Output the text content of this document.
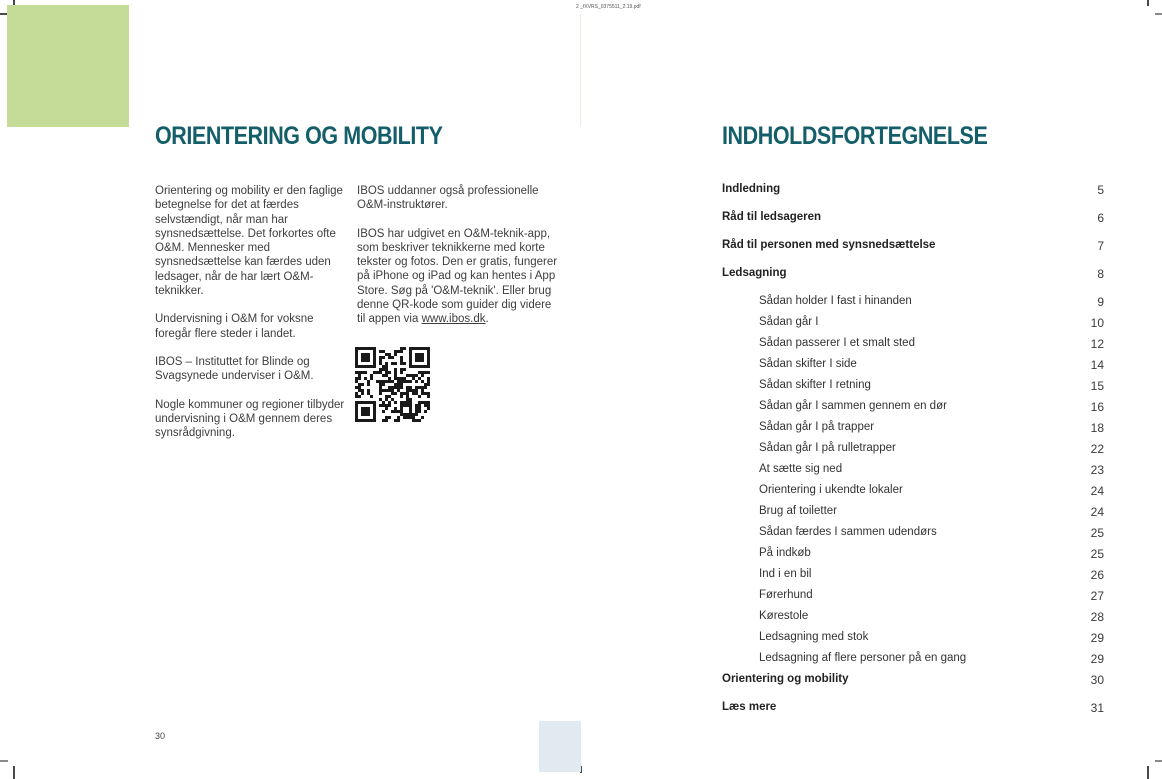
2 _fXVRS_0375511_2.19.pdf
ORIENTERING OG MOBILITY

Orientering og mobility er den faglige betegnelse for det at færdes selvstændigt, når man har synsnedsættelse. Det forkortes ofte O&M. Mennesker med synsnedsættelse kan færdes uden ledsager, når de har lært O&M-teknikker.

Undervisning i O&M for voksne foregår flere steder i landet.

IBOS – Instituttet for Blinde og Svagsynede underviser i O&M.

Nogle kommuner og regioner tilbyder undervisning i O&M gennem deres synsrådgivning.

IBOS uddanner også professionelle O&M-instruktører.

IBOS har udgivet en O&M-teknik-app, som beskriver teknikkerne med korte tekster og fotos. Den er gratis, fungerer på iPhone og iPad og kan hentes i App Store. Søg på 'O&M-teknik'. Eller brug denne QR-kode som guider dig videre til appen via www.ibos.dk.

30
INDHOLDSFORTEGNELSE
Indledning	5
Råd til ledsageren	6
Råd til personen med synsnedsættelse	7
Ledsagning	8
Sådan holder I fast i hinanden	9
Sådan går I	10
Sådan passerer I et smalt sted	12
Sådan skifter I side	14
Sådan skifter I retning	15
Sådan går I sammen gennem en dør	16
Sådan går I på trapper	18
Sådan går I på rulletrapper	22
At sætte sig ned	23
Orientering i ukendte lokaler	24
Brug af toiletter	24
Sådan færdes I sammen udendørs	25
På indkøb	25
Ind i en bil	26
Førerhund	27
Kørestole	28
Ledsagning med stok	29
Ledsagning af flere personer på en gang	29
Orientering og mobility	30
Læs mere	31
